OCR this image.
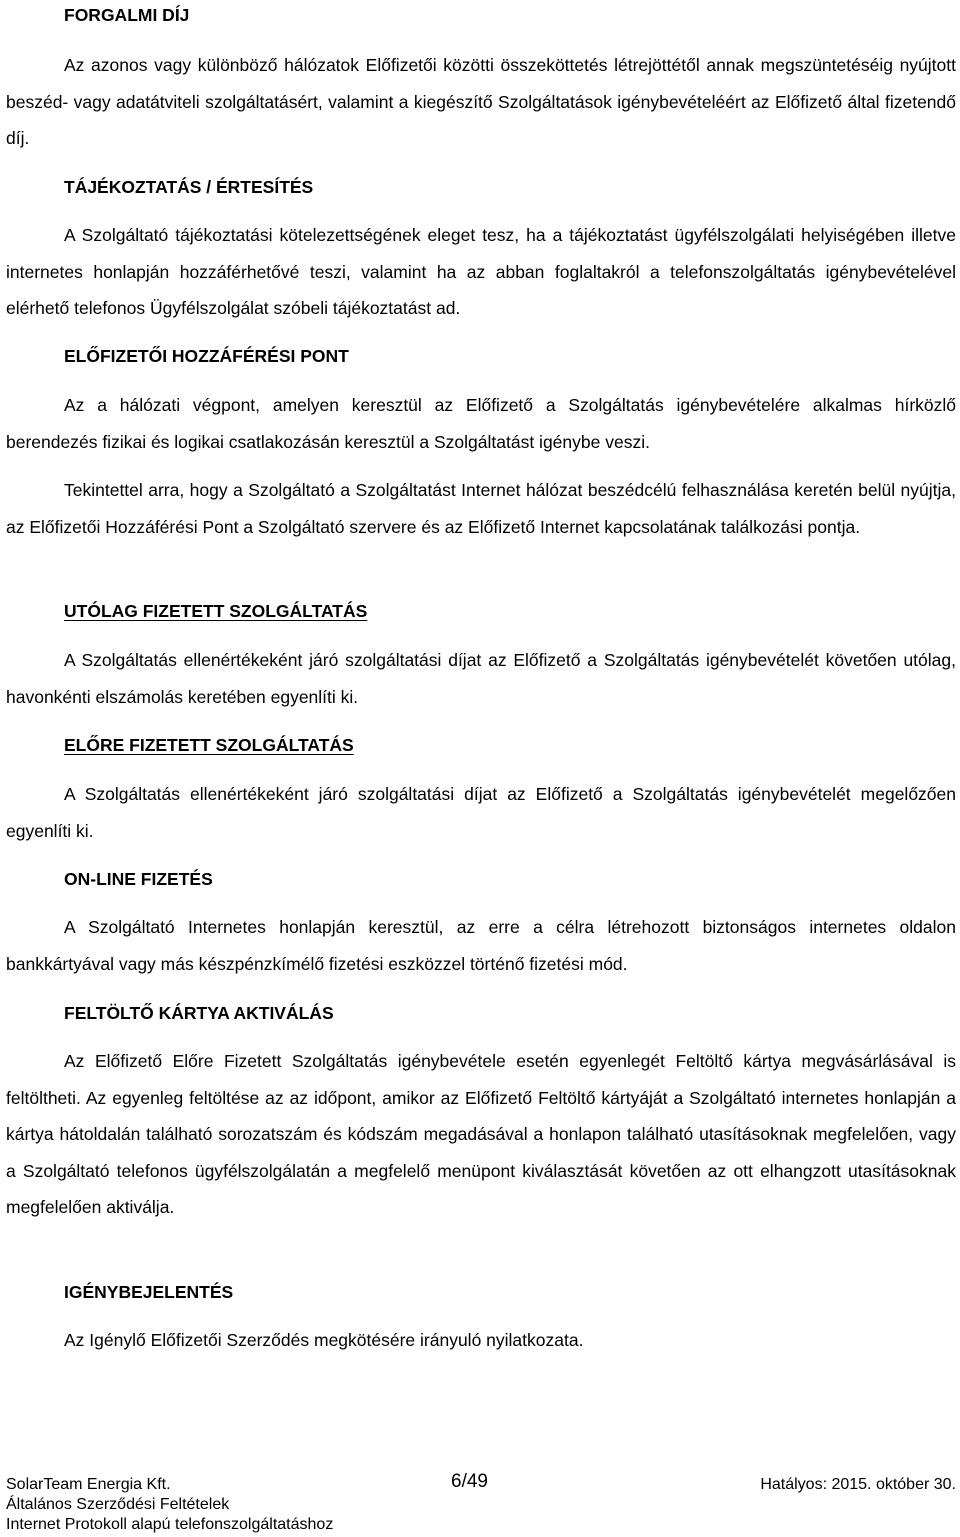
FORGALMI DÍJ

Az azonos vagy különböző hálózatok Előfizetői közötti összeköttetés létrejöttétől annak megszüntetéséig nyújtott beszéd- vagy adatátviteli szolgáltatásért, valamint a kiegészítő Szolgáltatások igénybevételéért az Előfizető által fizetendő díj.

TÁJÉKOZTATÁS / ÉRTESÍTÉS

A Szolgáltató tájékoztatási kötelezettségének eleget tesz, ha a tájékoztatást ügyfélszolgálati helyiségében illetve internetes honlapján hozzáférhetővé teszi, valamint ha az abban foglaltakról a telefonszolgáltatás igénybevételével elérhető telefonos Ügyfélszolgálat szóbeli tájékoztatást ad.

ELŐFIZETŐI HOZZÁFÉRÉSI PONT

Az a hálózati végpont, amelyen keresztül az Előfizető a Szolgáltatás igénybevételére alkalmas hírközlő berendezés fizikai és logikai csatlakozásán keresztül a Szolgáltatást igénybe veszi.

Tekintettel arra, hogy a Szolgáltató a Szolgáltatást Internet hálózat beszédcélú felhasználása keretén belül nyújtja, az Előfizetői Hozzáférési Pont a Szolgáltató szervere és az Előfizető Internet kapcsolatának találkozási pontja.

UTÓLAG FIZETETT SZOLGÁLTATÁS

A Szolgáltatás ellenértékeként járó szolgáltatási díjat az Előfizető a Szolgáltatás igénybevételét követően utólag, havonkénti elszámolás keretében egyenlíti ki.

ELŐRE FIZETETT SZOLGÁLTATÁS

A Szolgáltatás ellenértékeként járó szolgáltatási díjat az Előfizető a Szolgáltatás igénybevételét megelőzően egyenlíti ki.

ON-LINE FIZETÉS

A Szolgáltató Internetes honlapján keresztül, az erre a célra létrehozott biztonságos internetes oldalon bankkártyával vagy más készpénzkímélő fizetési eszközzel történő fizetési mód.

FELTÖLTŐ KÁRTYA AKTIVÁLÁS

Az Előfizető Előre Fizetett Szolgáltatás igénybevétele esetén egyenlegét Feltöltő kártya megvásárlásával is feltöltheti. Az egyenleg feltöltése az az időpont, amikor az Előfizető Feltöltő kártyáját a Szolgáltató internetes honlapján a kártya hátoldalán található sorozatszám és kódszám megadásával a honlapon található utasításoknak megfelelően, vagy a Szolgáltató telefonos ügyfélszolgálatán a megfelelő menüpont kiválasztását követően az ott elhangzott utasításoknak megfelelően aktiválja.

IGÉNYBEJELENTÉS

Az Igénylő Előfizetői Szerződés megkötésére irányuló nyilatkozata.

SolarTeam Energia Kft.	6/49	Hatályos: 2015. október 30.
Általános Szerződési Feltételek
Internet Protokoll alapú telefonszolgáltatáshoz
